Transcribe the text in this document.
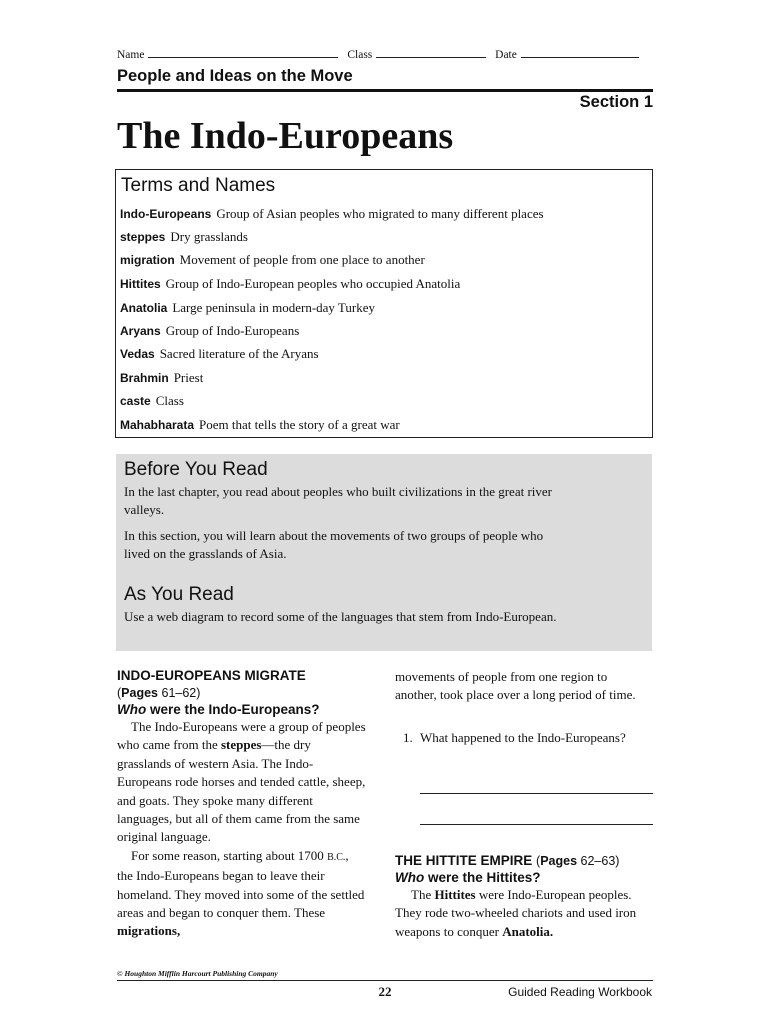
Name	Class	Date
People and Ideas on the Move
Section 1
The Indo-Europeans
Terms and Names
Indo-Europeans Group of Asian peoples who migrated to many different places
steppes Dry grasslands
migration Movement of people from one place to another
Hittites Group of Indo-European peoples who occupied Anatolia
Anatolia Large peninsula in modern-day Turkey
Aryans Group of Indo-Europeans
Vedas Sacred literature of the Aryans
Brahmin Priest
caste Class
Mahabharata Poem that tells the story of a great war
Before You Read
In the last chapter, you read about peoples who built civilizations in the great river valleys.
In this section, you will learn about the movements of two groups of people who lived on the grasslands of Asia.
As You Read
Use a web diagram to record some of the languages that stem from Indo-European.
INDO-EUROPEANS MIGRATE
(Pages 61–62)
Who were the Indo-Europeans?
The Indo-Europeans were a group of peoples who came from the steppes—the dry grasslands of western Asia. The Indo-Europeans rode horses and tended cattle, sheep, and goats. They spoke many different languages, but all of them came from the same original language.
For some reason, starting about 1700 B.C., the Indo-Europeans began to leave their homeland. They moved into some of the settled areas and began to conquer them. These migrations,
movements of people from one region to another, took place over a long period of time.
1. What happened to the Indo-Europeans?
THE HITTITE EMPIRE (Pages 62–63)
Who were the Hittites?
The Hittites were Indo-European peoples. They rode two-wheeled chariots and used iron weapons to conquer Anatolia.
© Houghton Mifflin Harcourt Publishing Company
22	Guided Reading Workbook
